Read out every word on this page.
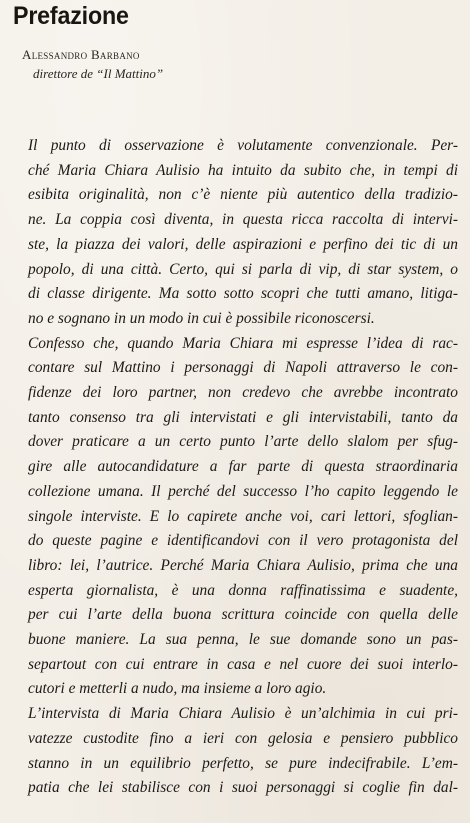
Prefazione
Alessandro Barbano
direttore de “Il Mattino”

Il punto di osservazione è volutamente convenzionale. Per-
ché Maria Chiara Aulisio ha intuito da subito che, in tempi di
esibita originalità, non c’è niente più autentico della tradizio-
ne. La coppia così diventa, in questa ricca raccolta di intervi-
ste, la piazza dei valori, delle aspirazioni e perfino dei tic di un
popolo, di una città. Certo, qui si parla di vip, di star system, o
di classe dirigente. Ma sotto sotto scopri che tutti amano, litiga-
no e sognano in un modo in cui è possibile riconoscersi.

Confesso che, quando Maria Chiara mi espresse l’idea di rac-
contare sul Mattino i personaggi di Napoli attraverso le con-
fidenze dei loro partner, non credevo che avrebbe incontrato
tanto consenso tra gli intervistati e gli intervistabili, tanto da
dover praticare a un certo punto l’arte dello slalom per sfug-
gire alle autocandidature a far parte di questa straordinaria
collezione umana. Il perché del successo l’ho capito leggendo le
singole interviste. E lo capirete anche voi, cari lettori, sfoglian-
do queste pagine e identificandovi con il vero protagonista del
libro: lei, l’autrice. Perché Maria Chiara Aulisio, prima che una
esperta giornalista, è una donna raffinatissima e suadente,
per cui l’arte della buona scrittura coincide con quella delle
buone maniere. La sua penna, le sue domande sono un pas-
separtout con cui entrare in casa e nel cuore dei suoi interlo-
cutori e metterli a nudo, ma insieme a loro agio.

L’intervista di Maria Chiara Aulisio è un’alchimia in cui pri-
vatezze custodite fino a ieri con gelosia e pensiero pubblico
stanno in un equilibrio perfetto, se pure indecifrabile. L’em-
patia che lei stabilisce con i suoi personaggi si coglie fin dal-
